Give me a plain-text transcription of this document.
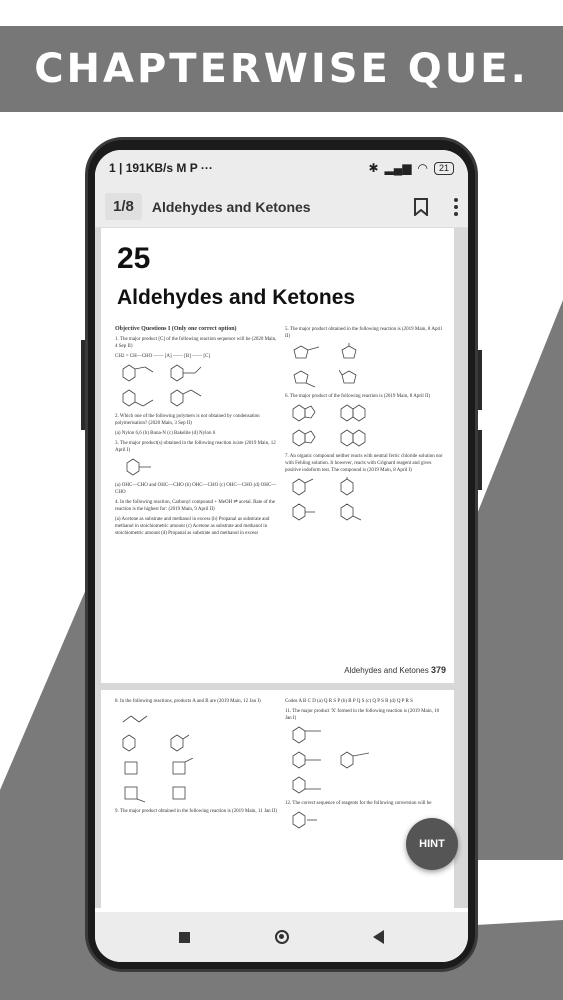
CHAPTERWISE QUE.
1 | 191KB/s M P ···	✱ ▂▄▆ ◠	21
1/8	Aldehydes and Ketones
25
Aldehydes and Ketones
Objective Questions I (Only one correct option)
1. The major product [C] of the following reaction sequence will be (2020 Main, 4 Sep II)
CH2 = CH—CHO —— [A] —— [B] —— [C]
2. Which one of the following polymers is not obtained by condensation polymerisation? (2020 Main, 3 Sep II)
(a) Nylon 6,6 (b) Buna-N (c) Bakelite (d) Nylon 6
3. The major product(s) obtained in the following reaction is/are (2019 Main, 12 April I)
(a) OHC—CHO and OHC—CHO (b) OHC—CHO (c) OHC—CHO (d) OHC—CHO
4. In the following reaction, Carbonyl compound + MeOH ⇌ acetal. Rate of the reaction is the highest for: (2019 Main, 9 April II)
(a) Acetone as substrate and methanol in excess (b) Propanal as substrate and methanol in stoichiometric amount (c) Acetone as substrate and methanol in stoichiometric amount (d) Propanal as substrate and methanol in excess
5. The major product obtained in the following reaction is (2019 Main, 8 April II)
6. The major product of the following reaction is (2019 Main, 8 April II)
7. An organic compound neither reacts with neutral ferric chloride solution nor with Fehling solution. It however, reacts with Grignard reagent and gives positive iodoform test. The compound is (2019 Main, 8 April I)
Aldehydes and Ketones 379
8. In the following reactions, products A and B are (2019 Main, 12 Jan I)
9. The major product obtained in the following reaction is (2019 Main, 11 Jan II)
Codes A B C D (a) Q R S P (b) R P Q S (c) Q P S R (d) Q P R S
11. The major product 'X' formed in the following reaction is (2019 Main, 10 Jan I)
12. The correct sequence of reagents for the following conversion will be
HINT
